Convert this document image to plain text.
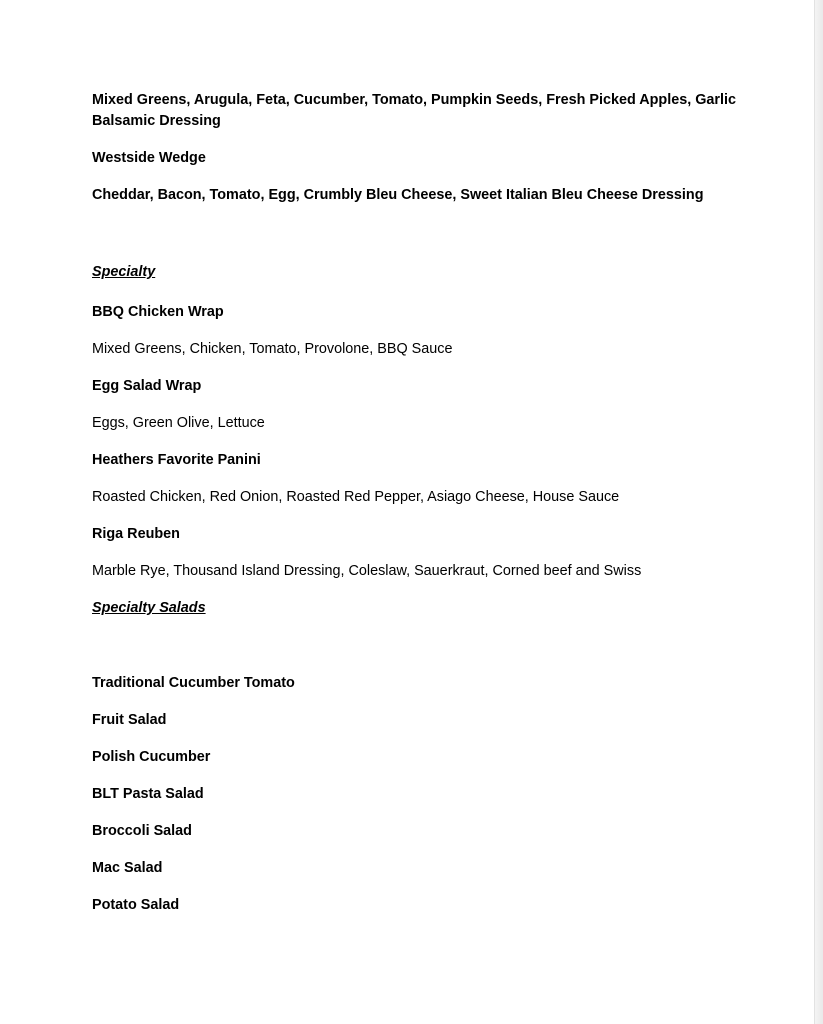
Mixed Greens, Arugula, Feta, Cucumber, Tomato, Pumpkin Seeds, Fresh Picked Apples, Garlic Balsamic Dressing

Westside Wedge

Cheddar, Bacon, Tomato, Egg, Crumbly Bleu Cheese, Sweet Italian Bleu Cheese Dressing

Specialty

BBQ Chicken Wrap

Mixed Greens, Chicken, Tomato, Provolone, BBQ Sauce

Egg Salad Wrap

Eggs, Green Olive, Lettuce

Heathers Favorite Panini

Roasted Chicken, Red Onion, Roasted Red Pepper, Asiago Cheese, House Sauce

Riga Reuben

Marble Rye, Thousand Island Dressing, Coleslaw, Sauerkraut, Corned beef and Swiss

Specialty Salads

Traditional Cucumber Tomato

Fruit Salad

Polish Cucumber

BLT Pasta Salad

Broccoli Salad

Mac Salad

Potato Salad
